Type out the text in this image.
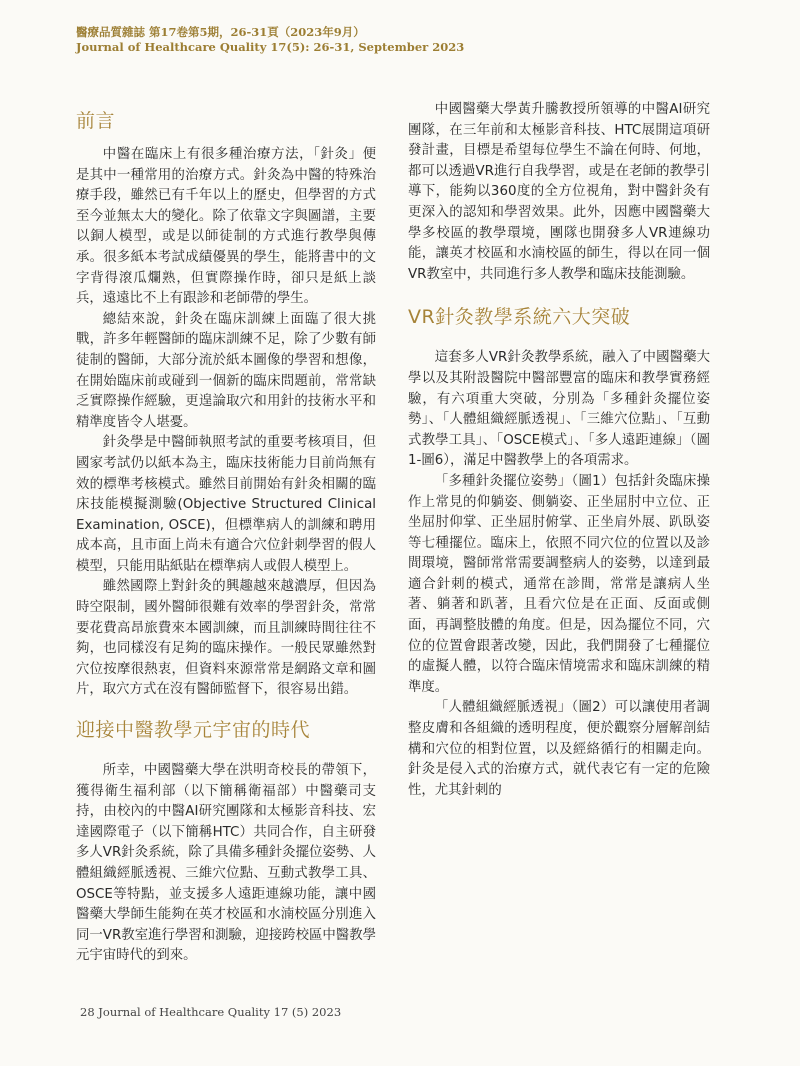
醫療品質雜誌 第17卷第5期，26-31頁（2023年9月）
Journal of Healthcare Quality 17(5): 26-31, September 2023
前言

中醫在臨床上有很多種治療方法，「針灸」便是其中一種常用的治療方式。針灸為中醫的特殊治療手段，雖然已有千年以上的歷史，但學習的方式至今並無太大的變化。除了依靠文字與圖譜，主要以銅人模型，或是以師徒制的方式進行教學與傳承。很多紙本考試成績優異的學生，能將書中的文字背得滾瓜爛熟，但實際操作時，卻只是紙上談兵，遠遠比不上有跟診和老師帶的學生。

總結來說，針灸在臨床訓練上面臨了很大挑戰，許多年輕醫師的臨床訓練不足，除了少數有師徒制的醫師，大部分流於紙本圖像的學習和想像，在開始臨床前或碰到一個新的臨床問題前，常常缺乏實際操作經驗，更遑論取穴和用針的技術水平和精準度皆令人堪憂。

針灸學是中醫師執照考試的重要考核項目，但國家考試仍以紙本為主，臨床技術能力目前尚無有效的標準考核模式。雖然目前開始有針灸相關的臨床技能模擬測驗(Objective Structured Clinical Examination, OSCE)，但標準病人的訓練和聘用成本高，且市面上尚未有適合穴位針刺學習的假人模型，只能用貼紙貼在標準病人或假人模型上。

雖然國際上對針灸的興趣越來越濃厚，但因為時空限制，國外醫師很難有效率的學習針灸，常常要花費高昂旅費來本國訓練，而且訓練時間往往不夠，也同樣沒有足夠的臨床操作。一般民眾雖然對穴位按摩很熱衷，但資料來源常常是網路文章和圖片，取穴方式在沒有醫師監督下，很容易出錯。

迎接中醫教學元宇宙的時代

所幸，中國醫藥大學在洪明奇校長的帶領下，獲得衛生福利部（以下簡稱衛福部）中醫藥司支持，由校內的中醫AI研究團隊和太極影音科技、宏達國際電子（以下簡稱HTC）共同合作，自主研發多人VR針灸系統，除了具備多種針灸擺位姿勢、人體組織經脈透視、三維穴位點、互動式教學工具、OSCE等特點，並支援多人遠距連線功能，讓中國醫藥大學師生能夠在英才校區和水湳校區分別進入同一VR教室進行學習和測驗，迎接跨校區中醫教學元宇宙時代的到來。

中國醫藥大學黃升騰教授所領導的中醫AI研究團隊，在三年前和太極影音科技、HTC展開這項研發計畫，目標是希望每位學生不論在何時、何地，都可以透過VR進行自我學習，或是在老師的教學引導下，能夠以360度的全方位視角，對中醫針灸有更深入的認知和學習效果。此外，因應中國醫藥大學多校區的教學環境，團隊也開發多人VR連線功能，讓英才校區和水湳校區的師生，得以在同一個VR教室中，共同進行多人教學和臨床技能測驗。

VR針灸教學系統六大突破

這套多人VR針灸教學系統，融入了中國醫藥大學以及其附設醫院中醫部豐富的臨床和教學實務經驗，有六項重大突破，分別為「多種針灸擺位姿勢」、「人體組織經脈透視」、「三維穴位點」、「互動式教學工具」、「OSCE模式」、「多人遠距連線」（圖1-圖6），滿足中醫教學上的各項需求。

「多種針灸擺位姿勢」（圖1）包括針灸臨床操作上常見的仰躺姿、側躺姿、正坐屈肘中立位、正坐屈肘仰掌、正坐屈肘俯掌、正坐肩外展、趴臥姿等七種擺位。臨床上，依照不同穴位的位置以及診間環境，醫師常常需要調整病人的姿勢，以達到最適合針刺的模式，通常在診間，常常是讓病人坐著、躺著和趴著，且看穴位是在正面、反面或側面，再調整肢體的角度。但是，因為擺位不同，穴位的位置會跟著改變，因此，我們開發了七種擺位的虛擬人體，以符合臨床情境需求和臨床訓練的精準度。

「人體組織經脈透視」（圖2）可以讓使用者調整皮膚和各組織的透明程度，便於觀察分層解剖結構和穴位的相對位置，以及經絡循行的相關走向。針灸是侵入式的治療方式，就代表它有一定的危險性，尤其針刺的

28 Journal of Healthcare Quality 17 (5) 2023
